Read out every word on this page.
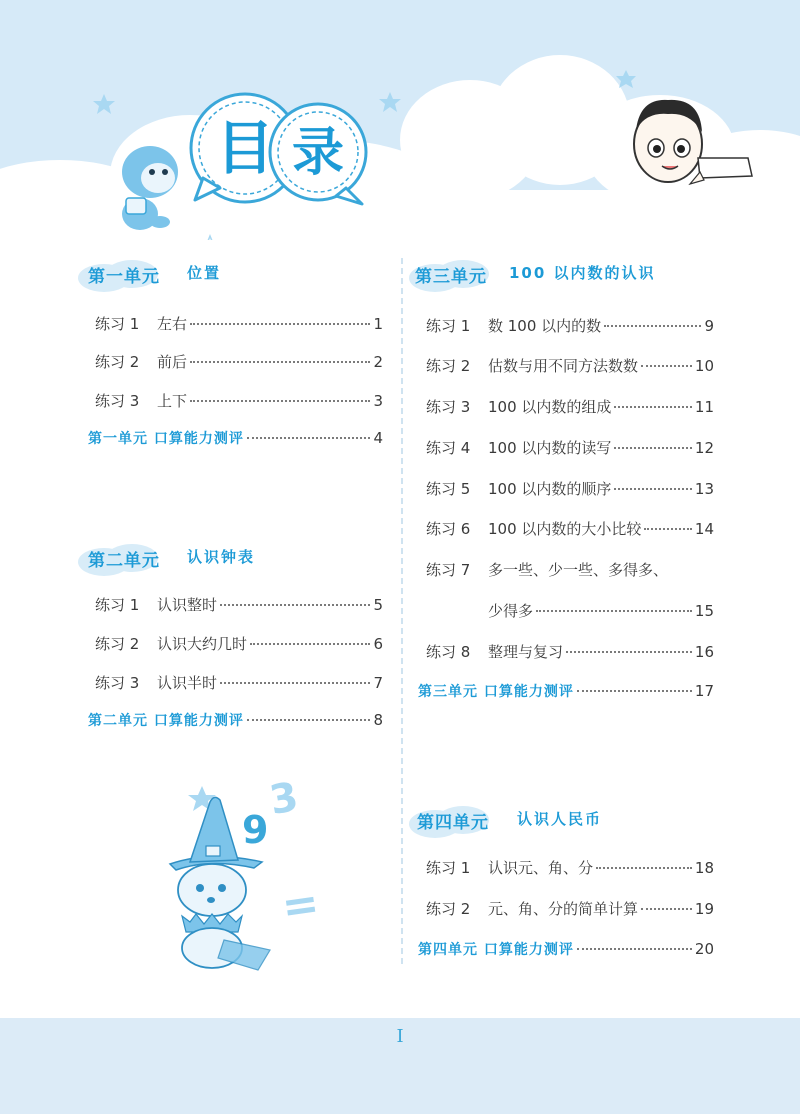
目 录
第一单元 位置
练习 1	左右	1
练习 2	前后	2
练习 3	上下	3
第一单元 口算能力测评	4
第二单元 认识钟表
练习 1	认识整时	5
练习 2	认识大约几时	6
练习 3	认识半时	7
第二单元 口算能力测评	8
3
9
=
第三单元 100 以内数的认识
练习 1	数 100 以内的数	9
练习 2	估数与用不同方法数数	10
练习 3	100 以内数的组成	11
练习 4	100 以内数的读写	12
练习 5	100 以内数的顺序	13
练习 6	100 以内数的大小比较	14
练习 7	多一些、少一些、多得多、
少得多	15
练习 8	整理与复习	16
第三单元 口算能力测评	17
第四单元 认识人民币
练习 1	认识元、角、分	18
练习 2	元、角、分的简单计算	19
第四单元 口算能力测评	20
I
